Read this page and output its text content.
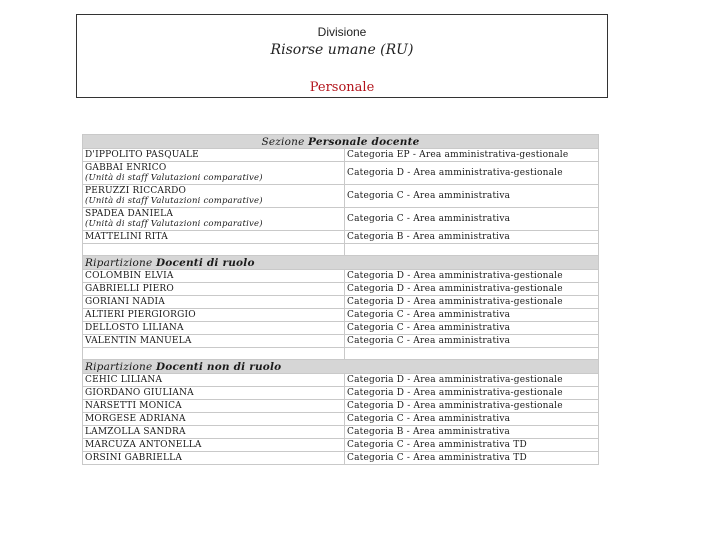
Divisione
Risorse umane (RU)
Personale
Sezione Personale docente	
D'IPPOLITO PASQUALE	Categoria EP - Area amministrativa-gestionale

GABBAI ENRICO
(Unità di staff Valutazioni comparative)	Categoria D - Area amministrativa-gestionale

PERUZZI RICCARDO
(Unità di staff Valutazioni comparative)	Categoria C - Area amministrativa

SPADEA DANIELA
(Unità di staff Valutazioni comparative)	Categoria C - Area amministrativa
MATTELINI RITA	Categoria B - Area amministrativa

Ripartizione Docenti di ruolo	
COLOMBIN ELVIA	Categoria D - Area amministrativa-gestionale
GABRIELLI PIERO	Categoria D - Area amministrativa-gestionale
GORIANI NADIA	Categoria D - Area amministrativa-gestionale
ALTIERI PIERGIORGIO	Categoria C - Area amministrativa
DELLOSTO LILIANA	Categoria C - Area amministrativa
VALENTIN MANUELA	Categoria C - Area amministrativa

Ripartizione Docenti non di ruolo	
CEHIC LILIANA	Categoria D - Area amministrativa-gestionale
GIORDANO GIULIANA	Categoria D - Area amministrativa-gestionale
NARSETTI MONICA	Categoria D - Area amministrativa-gestionale
MORGESE ADRIANA	Categoria C - Area amministrativa
LAMZOLLA SANDRA	Categoria B - Area amministrativa
MARCUZA ANTONELLA	Categoria C - Area amministrativa TD
ORSINI GABRIELLA	Categoria C - Area amministrativa TD
